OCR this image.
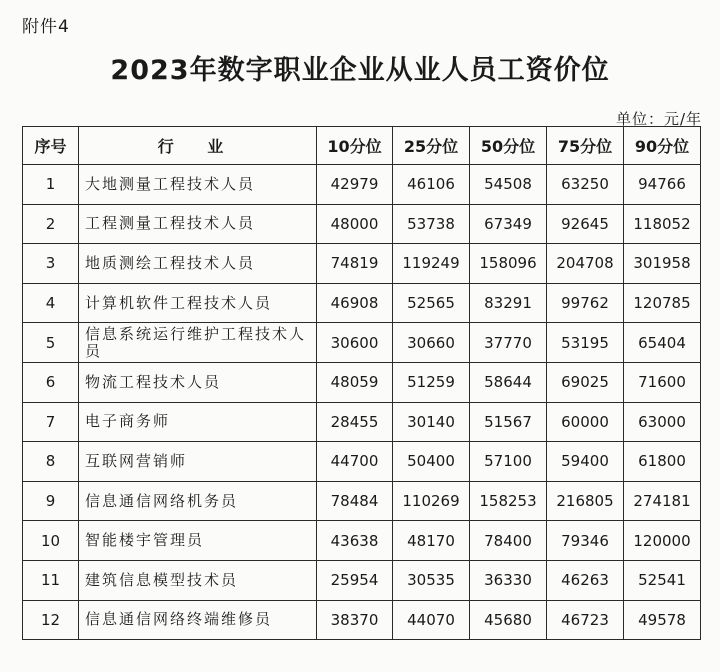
附件4
2023年数字职业企业从业人员工资价位
单位：元/年
序号	行 业	10分位	25分位	50分位	75分位	90分位
1	大地测量工程技术人员	42979	46106	54508	63250	94766
2	工程测量工程技术人员	48000	53738	67349	92645	118052
3	地质测绘工程技术人员	74819	119249	158096	204708	301958
4	计算机软件工程技术人员	46908	52565	83291	99762	120785
5	信息系统运行维护工程技术人员	30600	30660	37770	53195	65404
6	物流工程技术人员	48059	51259	58644	69025	71600
7	电子商务师	28455	30140	51567	60000	63000
8	互联网营销师	44700	50400	57100	59400	61800
9	信息通信网络机务员	78484	110269	158253	216805	274181
10	智能楼宇管理员	43638	48170	78400	79346	120000
11	建筑信息模型技术员	25954	30535	36330	46263	52541
12	信息通信网络终端维修员	38370	44070	45680	46723	49578
